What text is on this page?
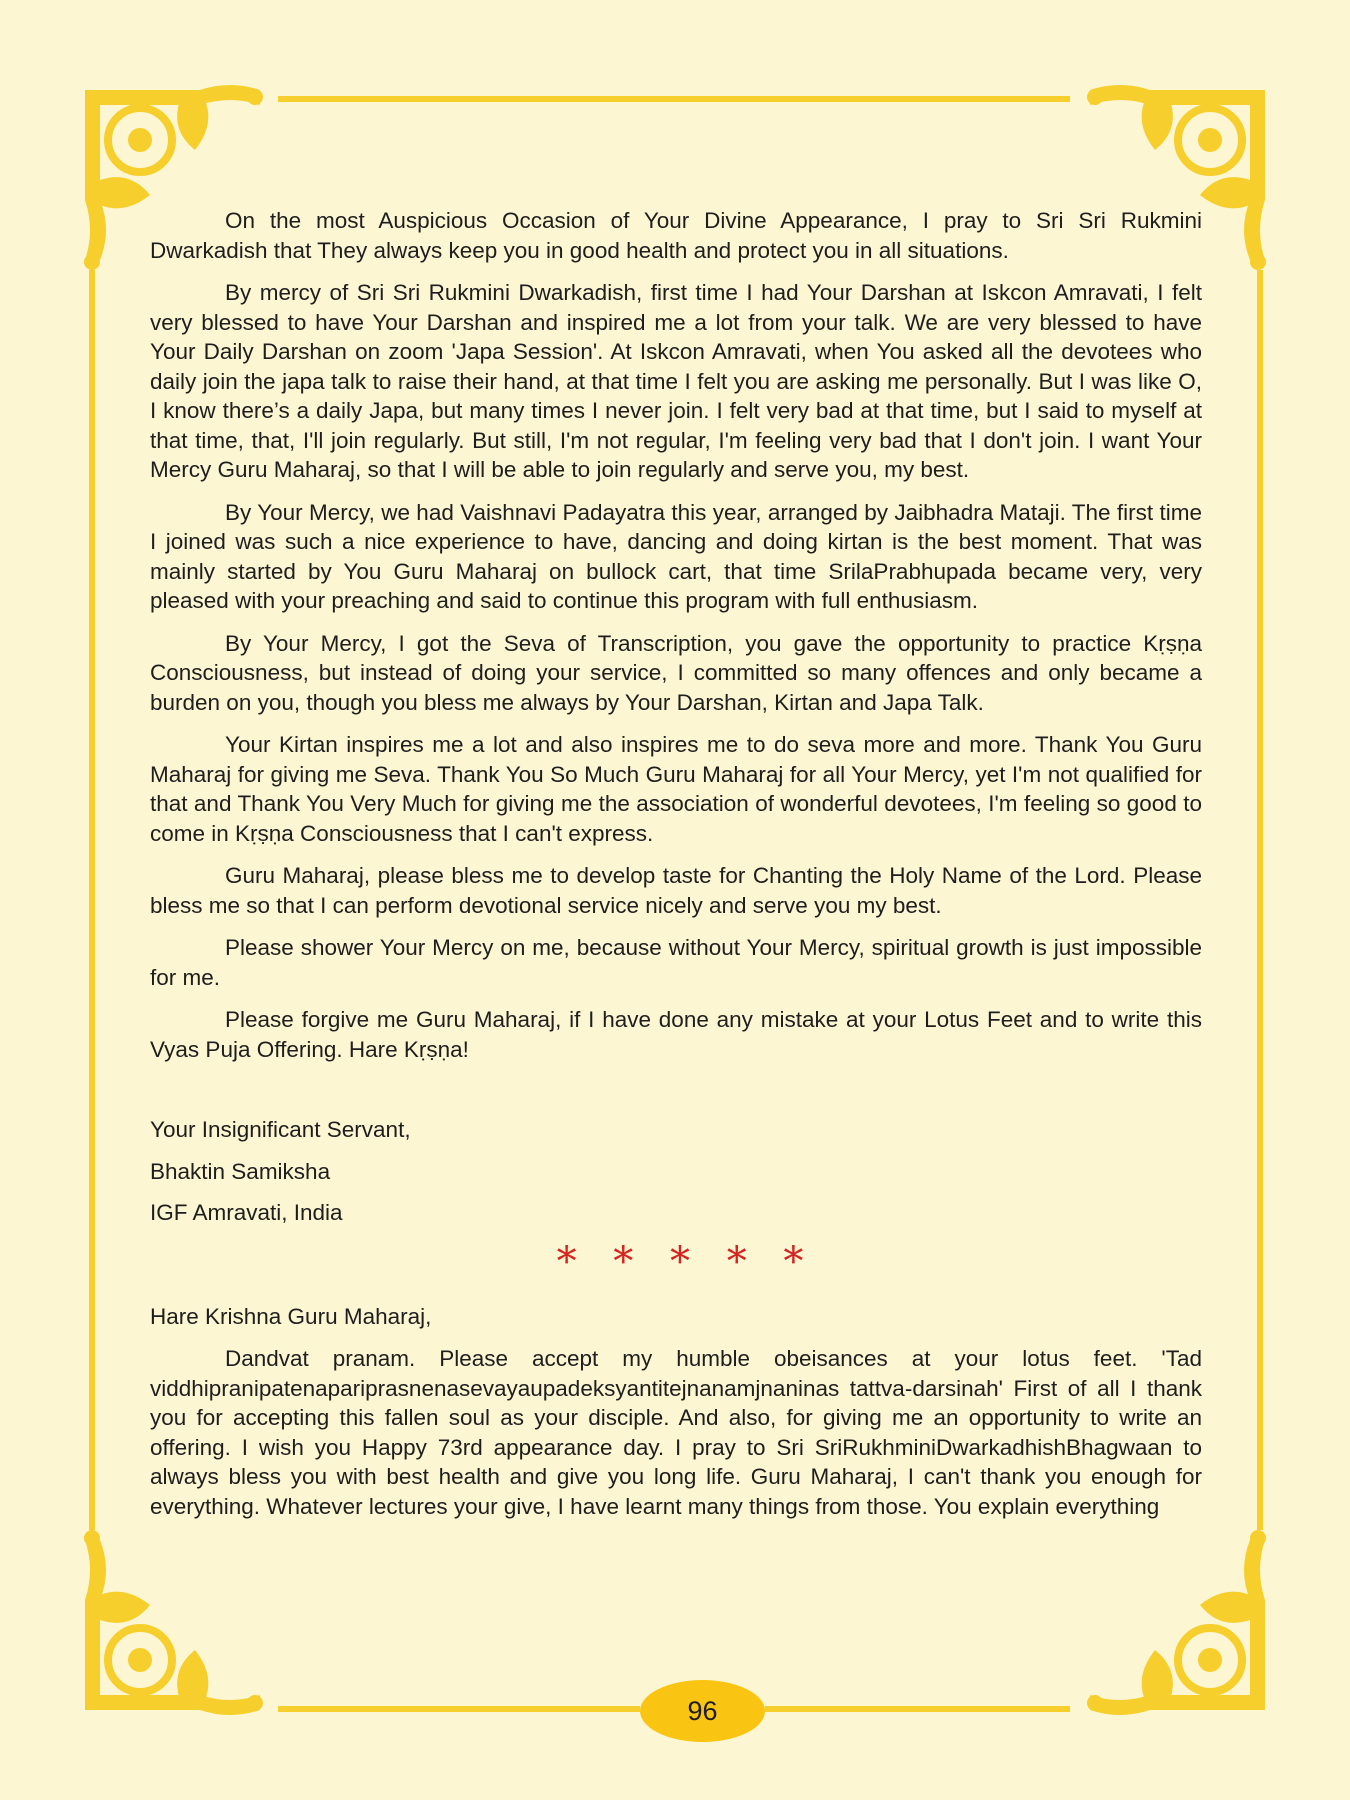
On the most Auspicious Occasion of Your Divine Appearance, I pray to Sri Sri Rukmini Dwarkadish that They always keep you in good health and protect you in all situations.

By mercy of Sri Sri Rukmini Dwarkadish, first time I had Your Darshan at Iskcon Amravati, I felt very blessed to have Your Darshan and inspired me a lot from your talk. We are very blessed to have Your Daily Darshan on zoom 'Japa Session'. At Iskcon Amravati, when You asked all the devotees who daily join the japa talk to raise their hand, at that time I felt you are asking me personally. But I was like O, I know there’s a daily Japa, but many times I never join. I felt very bad at that time, but I said to myself at that time, that, I'll join regularly. But still, I'm not regular, I'm feeling very bad that I don't join. I want Your Mercy Guru Maharaj, so that I will be able to join regularly and serve you, my best.

By Your Mercy, we had Vaishnavi Padayatra this year, arranged by Jaibhadra Mataji. The first time I joined was such a nice experience to have, dancing and doing kirtan is the best moment. That was mainly started by You Guru Maharaj on bullock cart, that time SrilaPrabhupada became very, very pleased with your preaching and said to continue this program with full enthusiasm.

By Your Mercy, I got the Seva of Transcription, you gave the opportunity to practice Kṛṣṇa Consciousness, but instead of doing your service, I committed so many offences and only became a burden on you, though you bless me always by Your Darshan, Kirtan and Japa Talk.

Your Kirtan inspires me a lot and also inspires me to do seva more and more. Thank You Guru Maharaj for giving me Seva. Thank You So Much Guru Maharaj for all Your Mercy, yet I'm not qualified for that and Thank You Very Much for giving me the association of wonderful devotees, I'm feeling so good to come in Kṛṣṇa Consciousness that I can't express.

Guru Maharaj, please bless me to develop taste for Chanting the Holy Name of the Lord. Please bless me so that I can perform devotional service nicely and serve you my best.

Please shower Your Mercy on me, because without Your Mercy, spiritual growth is just impossible for me.

Please forgive me Guru Maharaj, if I have done any mistake at your Lotus Feet and to write this Vyas Puja Offering. Hare Kṛṣṇa!

Your Insignificant Servant,

Bhaktin Samiksha

IGF Amravati, India

* * * * *

Hare Krishna Guru Maharaj,

Dandvat pranam. Please accept my humble obeisances at your lotus feet. 'Tad viddhipranipatenapariprasnenasevayaupadeksyantitejnanamjnaninas tattva-darsinah' First of all I thank you for accepting this fallen soul as your disciple. And also, for giving me an opportunity to write an offering. I wish you Happy 73rd appearance day. I pray to Sri SriRukhminiDwarkadhishBhagwaan to always bless you with best health and give you long life. Guru Maharaj, I can't thank you enough for everything. Whatever lectures your give, I have learnt many things from those. You explain everything

96
